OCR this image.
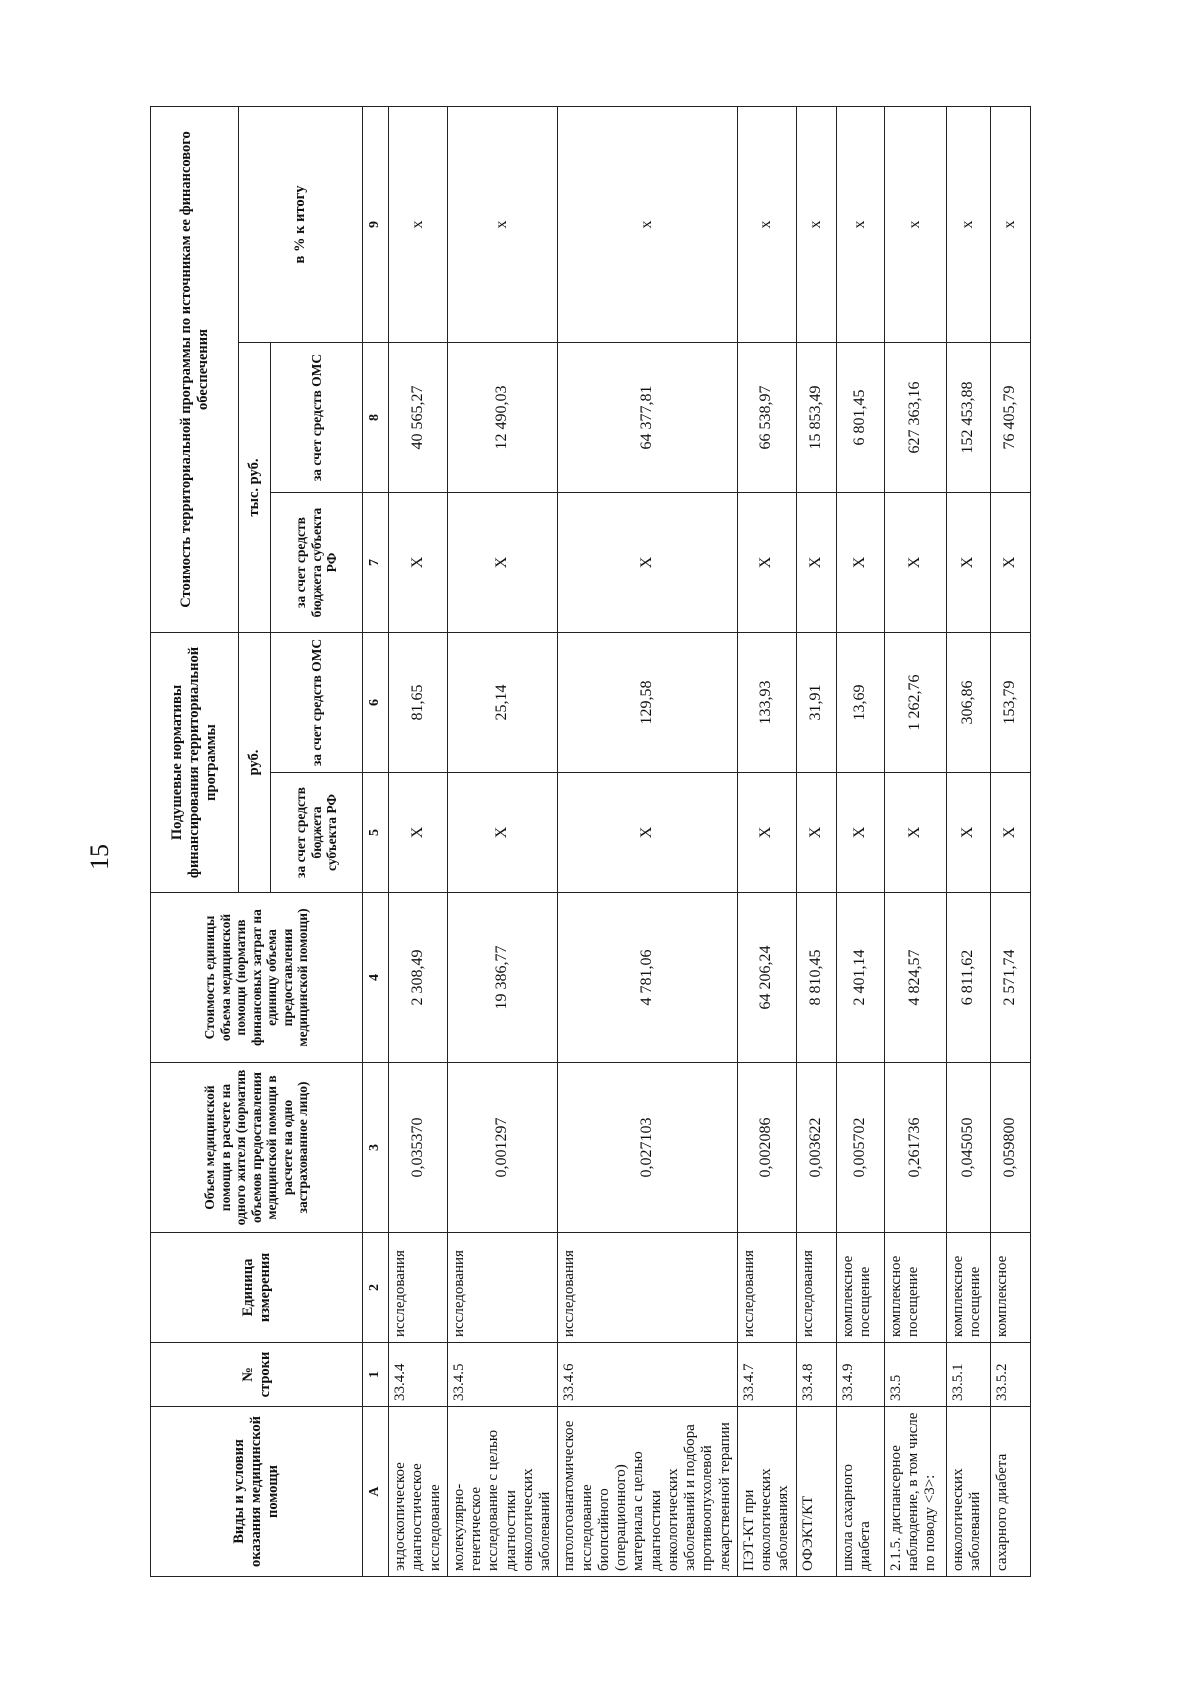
15
Виды и условия оказания медицинской помощи	№ строки	Единица измерения	Объем медицинской помощи в расчете на одного жителя (норматив объемов предоставления медицинской помощи в расчете на одно застрахованное лицо)	Стоимость единицы объема медицинской помощи (норматив финансовых затрат на единицу объема предоставления медицинской помощи)	Подушевые нормативы финансирования территориальной программы		Стоимость территориальной программы по источникам ее финансового обеспечения		
					руб.		тыс. руб.		в % к итогу
					за счет средств бюджета субъекта РФ	за счет средств ОМС	за счет средств бюджета субъекта РФ	за счет средств ОМС	
А	1	2	3	4	5	6	7	8	9
эндоскопическое диагностическое исследование	33.4.4	исследования	0,035370	2 308,49	Х	81,65	Х	40 565,27	х
молекулярно-генетическое исследование с целью диагностики онкологических заболеваний	33.4.5	исследования	0,001297	19 386,77	Х	25,14	Х	12 490,03	х
патологоанатомическое исследование биопсийного (операционного) материала с целью диагностики онкологических заболеваний и подбора противоопухолевой лекарственной терапии	33.4.6	исследования	0,027103	4 781,06	Х	129,58	Х	64 377,81	х
ПЭТ-КТ при онкологических заболеваниях	33.4.7	исследования	0,002086	64 206,24	Х	133,93	Х	66 538,97	х
ОФЭКТ/КТ	33.4.8	исследования	0,003622	8 810,45	Х	31,91	Х	15 853,49	х
школа сахарного диабета	33.4.9	комплексное посещение	0,005702	2 401,14	Х	13,69	Х	6 801,45	х
2.1.5. диспансерное наблюдение, в том числе по поводу <3>:	33.5	комплексное посещение	0,261736	4 824,57	Х	1 262,76	Х	627 363,16	х
онкологических заболеваний	33.5.1	комплексное посещение	0,045050	6 811,62	Х	306,86	Х	152 453,88	х
сахарного диабета	33.5.2	комплексное	0,059800	2 571,74	Х	153,79	Х	76 405,79	х
